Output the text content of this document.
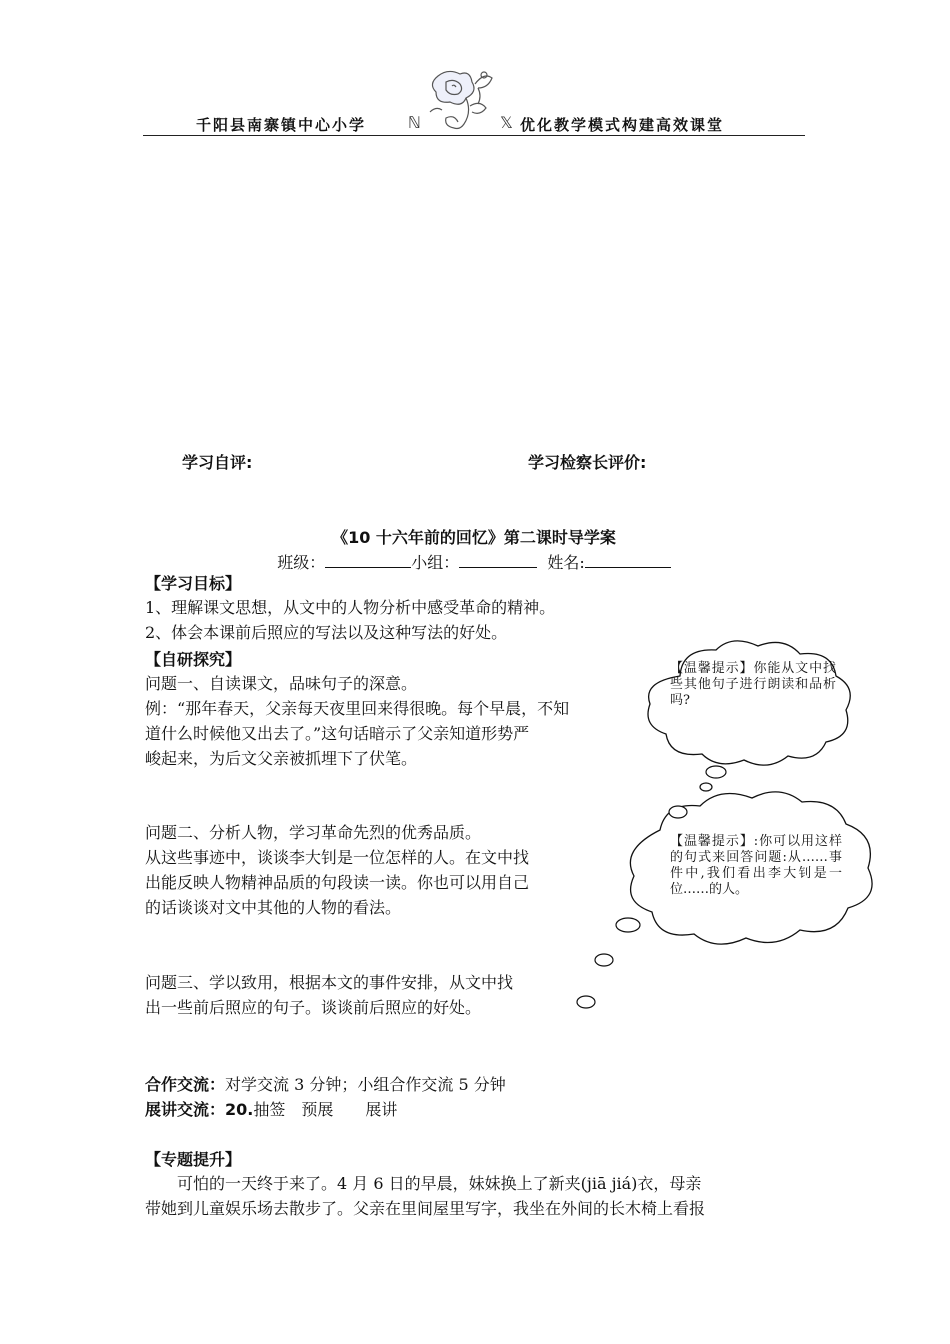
千阳县南寨镇中心小学	ℕ	𝕏 优化教学模式构建高效课堂
学习自评:	学习检察长评价:
《10 十六年前的回忆》第二课时导学案
班级：	小组：	姓名:
【学习目标】
1、理解课文思想，从文中的人物分析中感受革命的精神。
2、体会本课前后照应的写法以及这种写法的好处。
【自研探究】
问题一、自读课文，品味句子的深意。
例：“那年春天，父亲每天夜里回来得很晚。每个早晨，不知
道什么时候他又出去了。”这句话暗示了父亲知道形势严
峻起来，为后文父亲被抓埋下了伏笔。
问题二、分析人物，学习革命先烈的优秀品质。
从这些事迹中，谈谈李大钊是一位怎样的人。在文中找
出能反映人物精神品质的句段读一读。你也可以用自己
的话谈谈对文中其他的人物的看法。
问题三、学以致用，根据本文的事件安排，从文中找
出一些前后照应的句子。谈谈前后照应的好处。
【温馨提示】你能从文中找些其他句子进行朗读和品析吗?
【温馨提示】:你可以用这样的句式来回答问题:从……事件中,我们看出李大钊是一位……的人。
合作交流：对学交流 3 分钟；小组合作交流 5 分钟
展讲交流：20.抽签　预展　　展讲
【专题提升】
可怕的一天终于来了。4 月 6 日的早晨，妹妹换上了新夹(jiā jiá)衣，母亲
带她到儿童娱乐场去散步了。父亲在里间屋里写字，我坐在外间的长木椅上看报
